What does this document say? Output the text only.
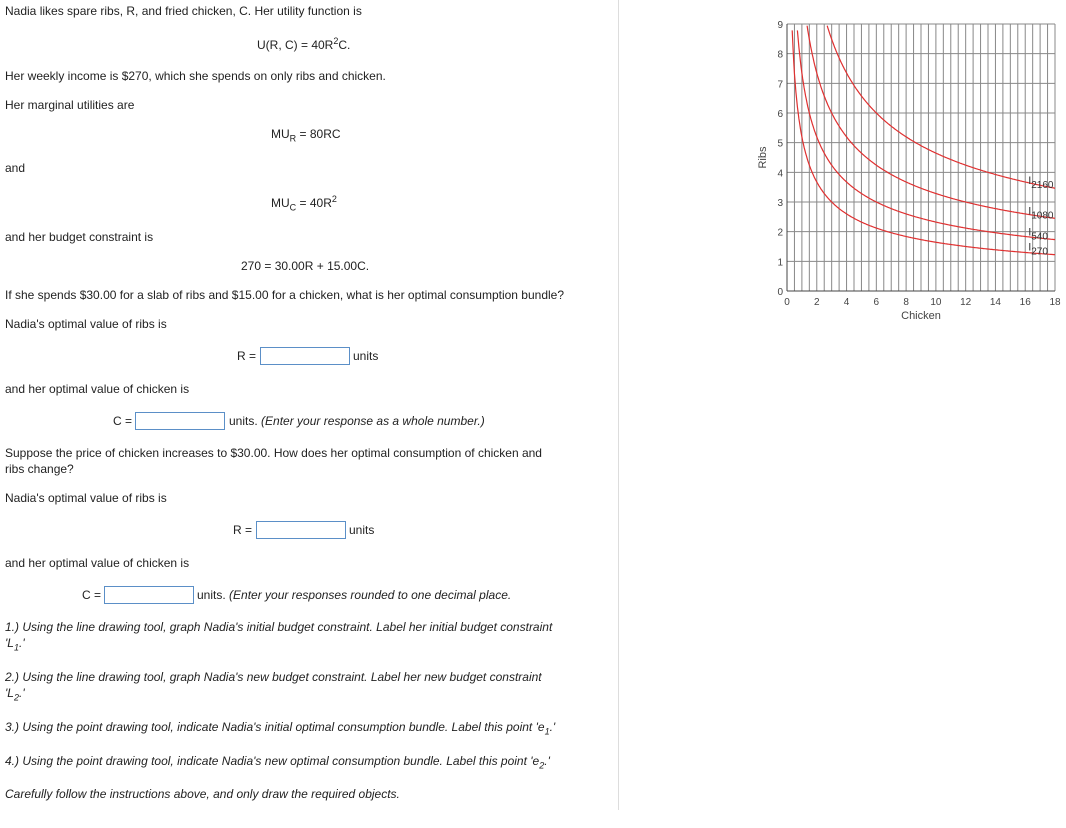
Nadia likes spare ribs, R, and fried chicken, C. Her utility function is
U(R, $C) = 40R^2C$.
Her weekly income is $270, which she spends on only ribs and chicken.
Her marginal utilities are
$MU_R = 80RC$
and
$MU_C = 40R^2$
and her budget constraint is
270 = 30.00R + 15.00C.
If she spends $30.00 for a slab of ribs and $15.00 for a chicken, what is her optimal consumption bundle?
Nadia's optimal value of ribs is
R =	units
and her optimal value of chicken is
C =	units. (Enter your response as a whole number.)
Suppose the price of chicken increases to $30.00. How does her optimal consumption of chicken and
ribs change?
Nadia's optimal value of ribs is
R =	units
and her optimal value of chicken is
C =	units. (Enter your responses rounded to one decimal place.
1.) Using the line drawing tool, graph Nadia's initial budget constraint. Label her initial budget constraint
'$L_1$.'
2.) Using the line drawing tool, graph Nadia's new budget constraint. Label her new budget constraint
'$L_2$.'
3.) Using the point drawing tool, indicate Nadia's initial optimal consumption bundle. Label this point '$e_1$.'
4.) Using the point drawing tool, indicate Nadia's new optimal consumption bundle. Label this point '$e_2$.'
Carefully follow the instructions above, and only draw the required objects.
0 2 4 6 8 10 12 14 16 18
0
1
2
3
4
5
6
7
8
9
Chicken
Ribs
I270
I540
I1080
I2160
